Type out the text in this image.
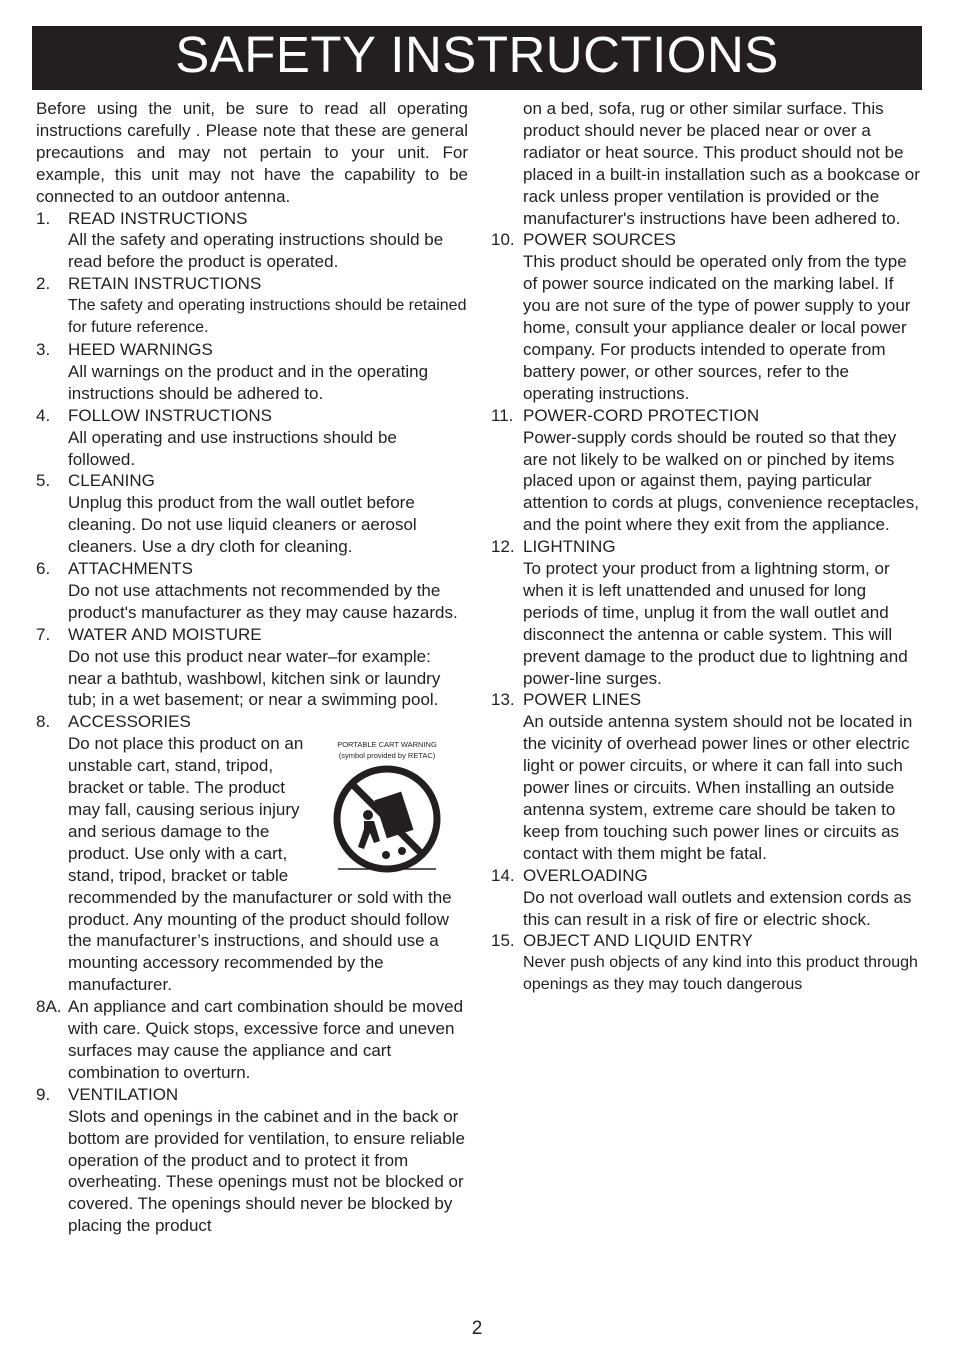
SAFETY INSTRUCTIONS

Before using the unit, be sure to read all operating instructions carefully . Please note that these are general precautions and may not pertain to your unit. For example, this unit may not have the capability to be connected to an outdoor antenna.

1.	READ INSTRUCTIONS

All the safety and operating instructions should be read before the product is operated.

2.	RETAIN INSTRUCTIONS

The safety and operating instructions should be retained for future reference.

3.	HEED WARNINGS

All warnings on the product and in the operating instructions should be adhered to.

4.	FOLLOW INSTRUCTIONS

All operating and use instructions should be followed.

5.	CLEANING

Unplug this product from the wall outlet before cleaning. Do not use liquid cleaners or aerosol cleaners. Use a dry cloth for cleaning.

6.	ATTACHMENTS

Do not use attachments not recommended by the product's manufacturer as they may cause hazards.

7.	WATER AND MOISTURE

Do not use this product near water–for example: near a bathtub, washbowl, kitchen sink or laundry tub; in a wet basement; or near a swimming pool.

8.	ACCESSORIES
PORTABLE CART WARNING
(symbol provided by RETAC)
Do not place this product on an unstable cart, stand, tripod, bracket or table. The product may fall, causing serious injury and serious damage to the product. Use only with a cart, stand, tripod, bracket or table recommended by the manufacturer or sold with the product. Any mounting of the product should follow the manufacturer’s instructions, and should use a mounting accessory recommended by the manufacturer.
8A. An appliance and cart combination should be moved with care. Quick stops, excessive force and uneven surfaces may cause the appliance and cart combination to overturn.
9.	VENTILATION

Slots and openings in the cabinet and in the back or bottom are provided for ventilation, to ensure reliable operation of the product and to protect it from overheating. These openings must not be blocked or covered. The openings should never be blocked by placing the product

on a bed, sofa, rug or other similar surface. This product should never be placed near or over a radiator or heat source. This product should not be placed in a built-in installation such as a bookcase or rack unless proper ventilation is provided or the manufacturer's instructions have been adhered to.

10. POWER SOURCES

This product should be operated only from the type of power source indicated on the marking label. If you are not sure of the type of power supply to your home, consult your appliance dealer or local power company. For products intended to operate from battery power, or other sources, refer to the operating instructions.

11. POWER-CORD PROTECTION

Power-supply cords should be routed so that they are not likely to be walked on or pinched by items placed upon or against them, paying particular attention to cords at plugs, convenience receptacles, and the point where they exit from the appliance.

12. LIGHTNING

To protect your product from a lightning storm, or when it is left unattended and unused for long periods of time, unplug it from the wall outlet and disconnect the antenna or cable system. This will prevent damage to the product due to lightning and power-line surges.

13. POWER LINES

An outside antenna system should not be located in the vicinity of overhead power lines or other electric light or power circuits, or where it can fall into such power lines or circuits. When installing an outside antenna system, extreme care should be taken to keep from touching such power lines or circuits as contact with them might be fatal.

14. OVERLOADING

Do not overload wall outlets and extension cords as this can result in a risk of fire or electric shock.

15. OBJECT AND LIQUID ENTRY

Never push objects of any kind into this product through openings as they may touch dangerous

2
